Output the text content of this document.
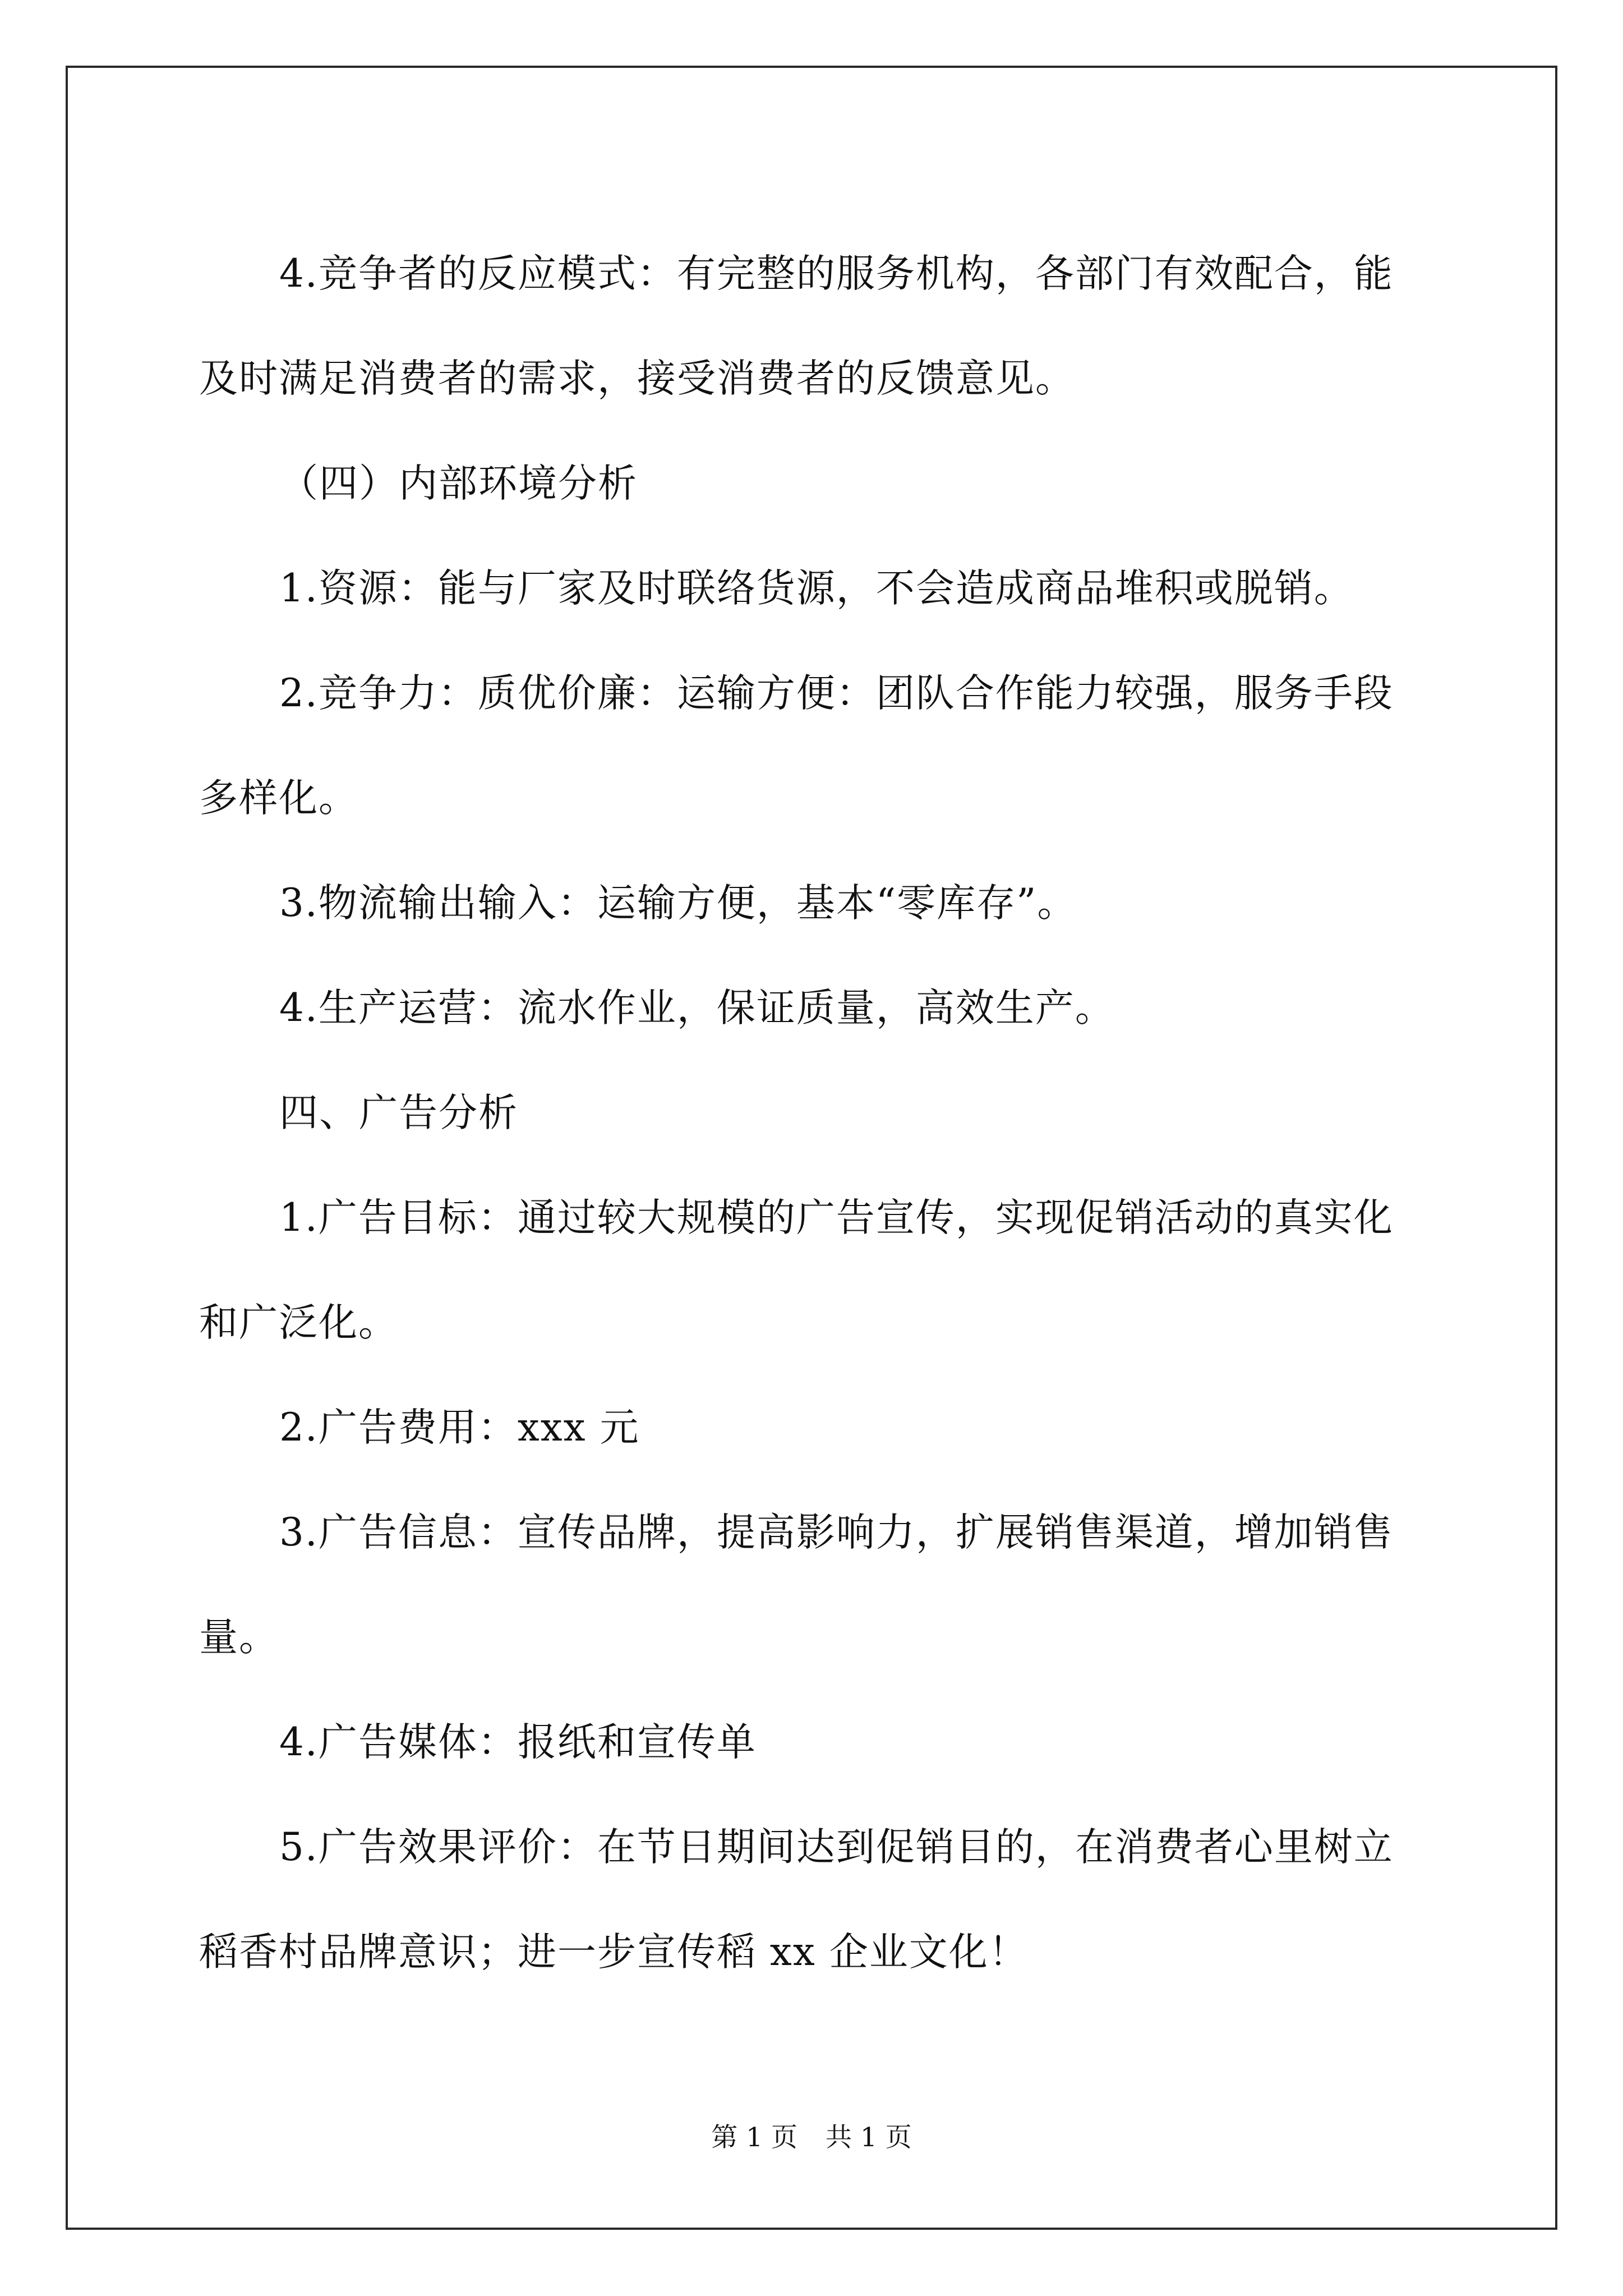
4.竞争者的反应模式：有完整的服务机构，各部门有效配合，能及时满足消费者的需求，接受消费者的反馈意见。

（四）内部环境分析

1.资源：能与厂家及时联络货源，不会造成商品堆积或脱销。

2.竞争力：质优价廉：运输方便：团队合作能力较强，服务手段多样化。

3.物流输出输入：运输方便，基本“零库存”。

4.生产运营：流水作业，保证质量，高效生产。

四、广告分析

1.广告目标：通过较大规模的广告宣传，实现促销活动的真实化和广泛化。

2.广告费用：xxx 元

3.广告信息：宣传品牌，提高影响力，扩展销售渠道，增加销售量。

4.广告媒体：报纸和宣传单

5.广告效果评价：在节日期间达到促销目的，在消费者心里树立稻香村品牌意识；进一步宣传稻 xx 企业文化！

第 1 页 共 1 页
